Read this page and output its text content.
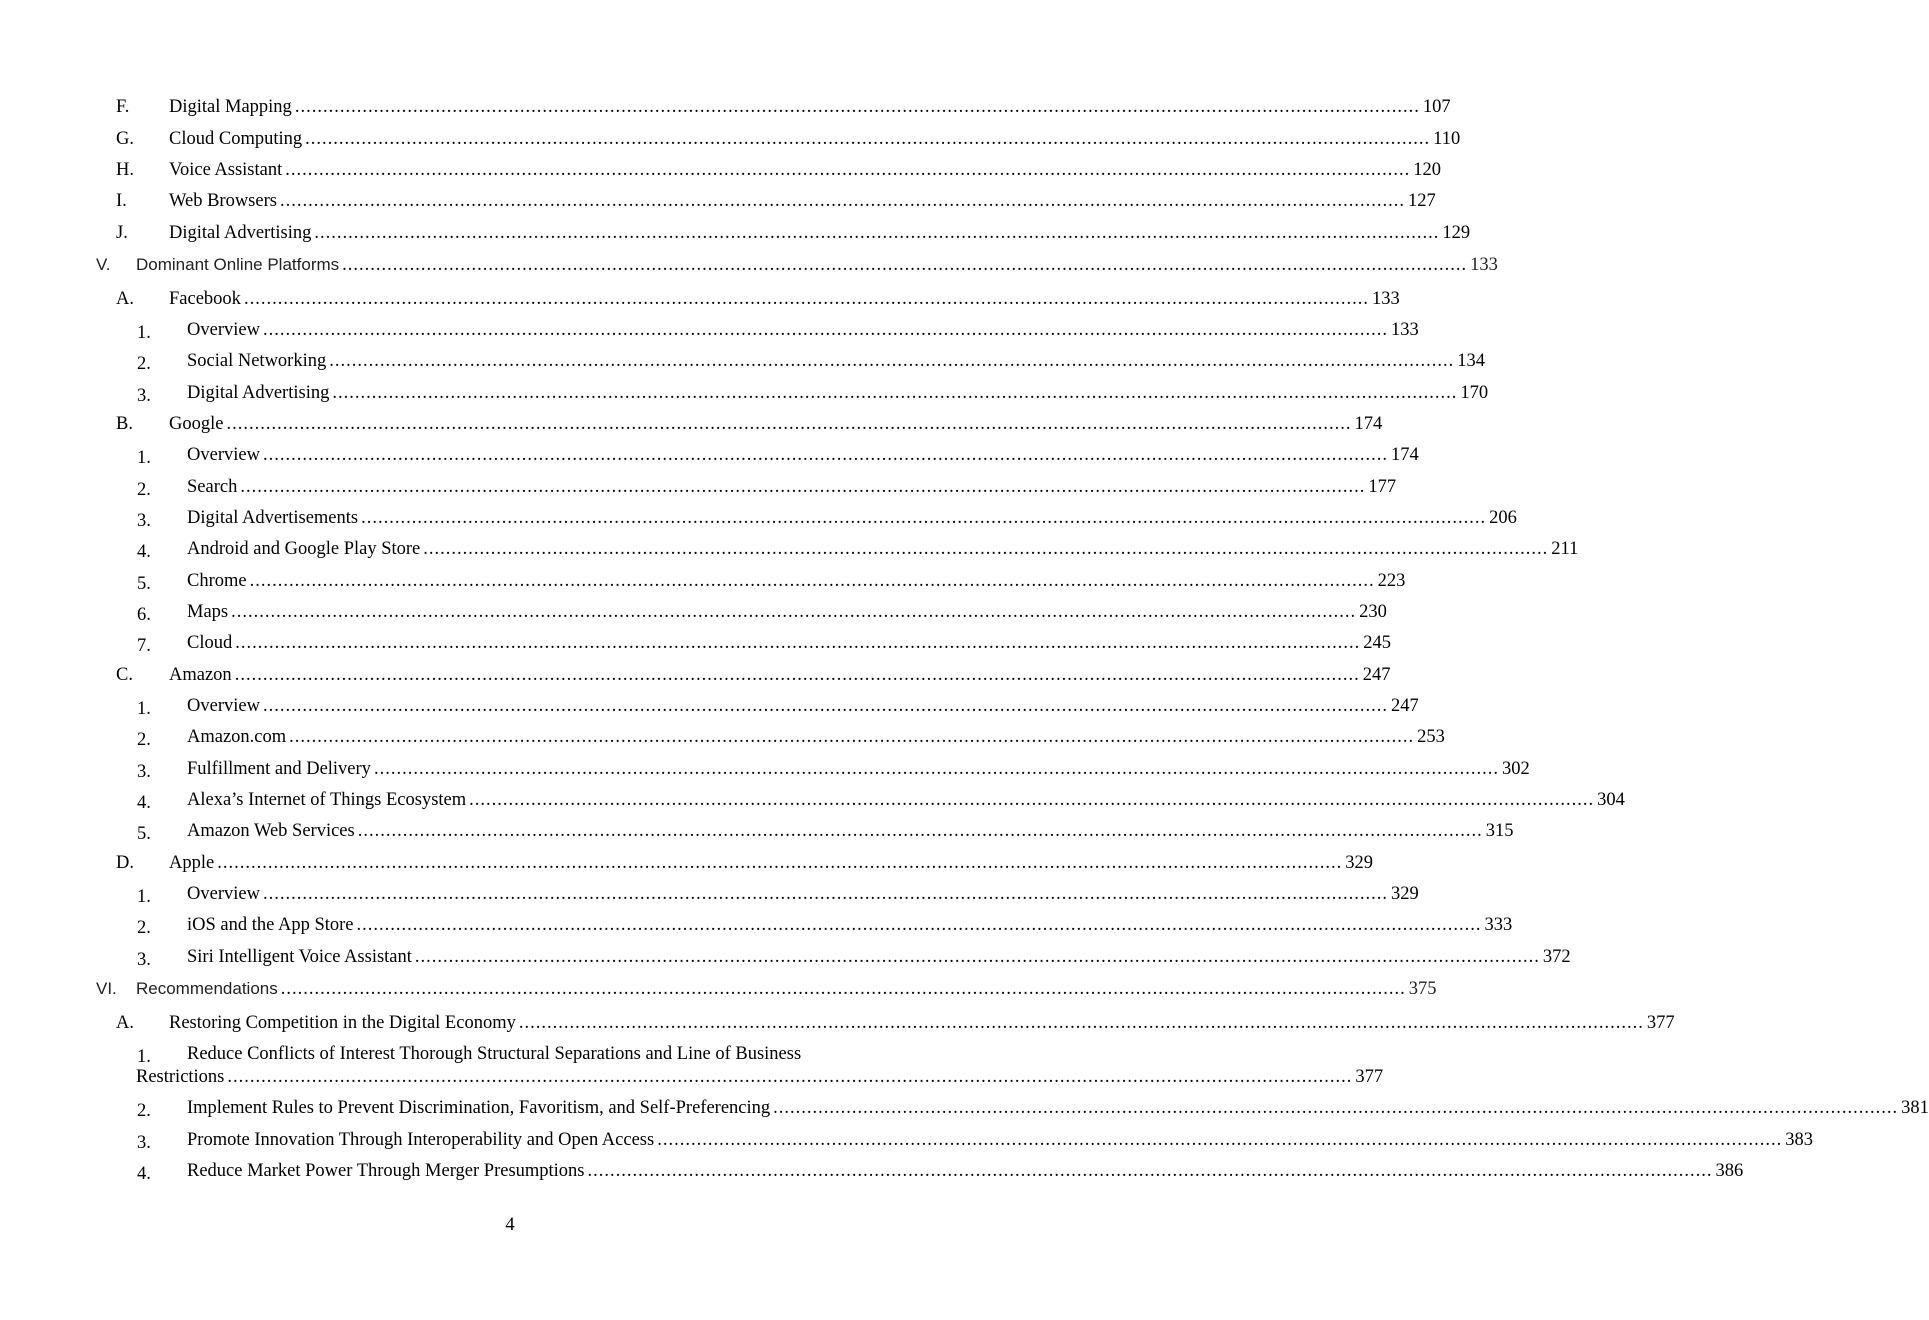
4
F. Digital Mapping ........................................................................................................................................................................................................ 107
G. Cloud Computing ........................................................................................................................................................................................................ 110
H. Voice Assistant ........................................................................................................................................................................................................ 120
I. Web Browsers ........................................................................................................................................................................................................ 127
J. Digital Advertising ........................................................................................................................................................................................................ 129
V. Dominant Online Platforms ........................................................................................................................................................................................................ 133
A. Facebook ........................................................................................................................................................................................................ 133
1. Overview ........................................................................................................................................................................................................ 133
2. Social Networking ........................................................................................................................................................................................................ 134
3. Digital Advertising ........................................................................................................................................................................................................ 170
B. Google ........................................................................................................................................................................................................ 174
1. Overview ........................................................................................................................................................................................................ 174
2. Search ........................................................................................................................................................................................................ 177
3. Digital Advertisements ........................................................................................................................................................................................................ 206
4. Android and Google Play Store ........................................................................................................................................................................................................ 211
5. Chrome ........................................................................................................................................................................................................ 223
6. Maps ........................................................................................................................................................................................................ 230
7. Cloud ........................................................................................................................................................................................................ 245
C. Amazon ........................................................................................................................................................................................................ 247
1. Overview ........................................................................................................................................................................................................ 247
2. Amazon.com ........................................................................................................................................................................................................ 253
3. Fulfillment and Delivery ........................................................................................................................................................................................................ 302
4. Alexa’s Internet of Things Ecosystem ........................................................................................................................................................................................................ 304
5. Amazon Web Services ........................................................................................................................................................................................................ 315
D. Apple ........................................................................................................................................................................................................ 329
1. Overview ........................................................................................................................................................................................................ 329
2. iOS and the App Store ........................................................................................................................................................................................................ 333
3. Siri Intelligent Voice Assistant ........................................................................................................................................................................................................ 372
VI. Recommendations ........................................................................................................................................................................................................ 375
A. Restoring Competition in the Digital Economy ........................................................................................................................................................................................................ 377
1. Reduce Conflicts of Interest Thorough Structural Separations and Line of Business
Restrictions ........................................................................................................................................................................................................ 377
2. Implement Rules to Prevent Discrimination, Favoritism, and Self-Preferencing ........................................................................................................................................................................................................ 381
3. Promote Innovation Through Interoperability and Open Access ........................................................................................................................................................................................................ 383
4. Reduce Market Power Through Merger Presumptions ........................................................................................................................................................................................................ 386
